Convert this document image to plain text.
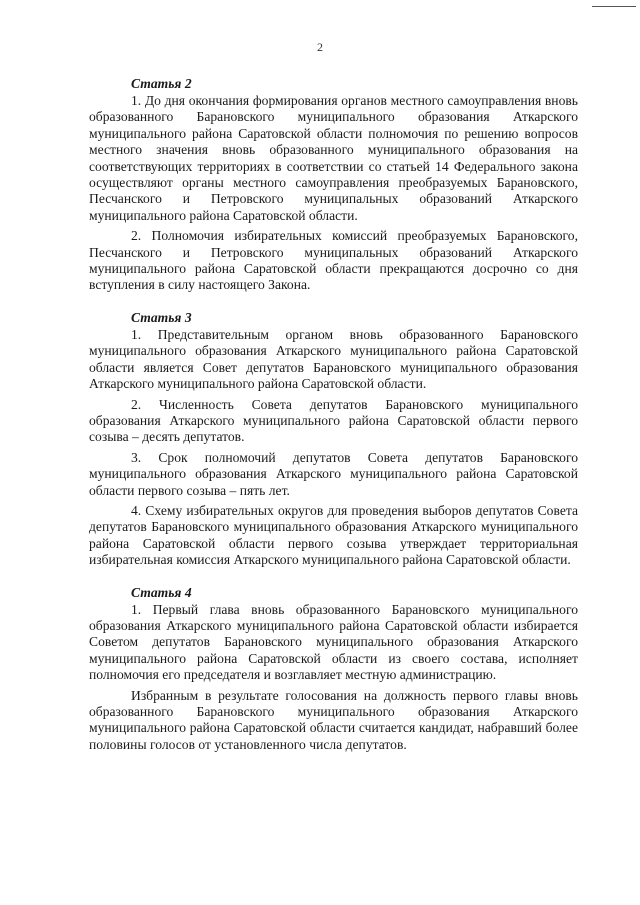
2
Статья 2

1. До дня окончания формирования органов местного самоуправления вновь образованного Барановского муниципального образования Аткарского муниципального района Саратовской области полномочия по решению вопросов местного значения вновь образованного муниципального образования на соответствующих территориях в соответствии со статьей 14 Федерального закона осуществляют органы местного самоуправления преобразуемых Барановского, Песчанского и Петровского муниципальных образований Аткарского муниципального района Саратовской области.

2. Полномочия избирательных комиссий преобразуемых Барановского, Песчанского и Петровского муниципальных образований Аткарского муниципального района Саратовской области прекращаются досрочно со дня вступления в силу настоящего Закона.

Статья 3

1. Представительным органом вновь образованного Барановского муниципального образования Аткарского муниципального района Саратовской области является Совет депутатов Барановского муниципального образования Аткарского муниципального района Саратовской области.

2. Численность Совета депутатов Барановского муниципального образования Аткарского муниципального района Саратовской области первого созыва – десять депутатов.

3. Срок полномочий депутатов Совета депутатов Барановского муниципального образования Аткарского муниципального района Саратовской области первого созыва – пять лет.

4. Схему избирательных округов для проведения выборов депутатов Совета депутатов Барановского муниципального образования Аткарского муниципального района Саратовской области первого созыва утверждает территориальная избирательная комиссия Аткарского муниципального района Саратовской области.

Статья 4

1. Первый глава вновь образованного Барановского муниципального образования Аткарского муниципального района Саратовской области избирается Советом депутатов Барановского муниципального образования Аткарского муниципального района Саратовской области из своего состава, исполняет полномочия его председателя и возглавляет местную администрацию.

Избранным в результате голосования на должность первого главы вновь образованного Барановского муниципального образования Аткарского муниципального района Саратовской области считается кандидат, набравший более половины голосов от установленного числа депутатов.
